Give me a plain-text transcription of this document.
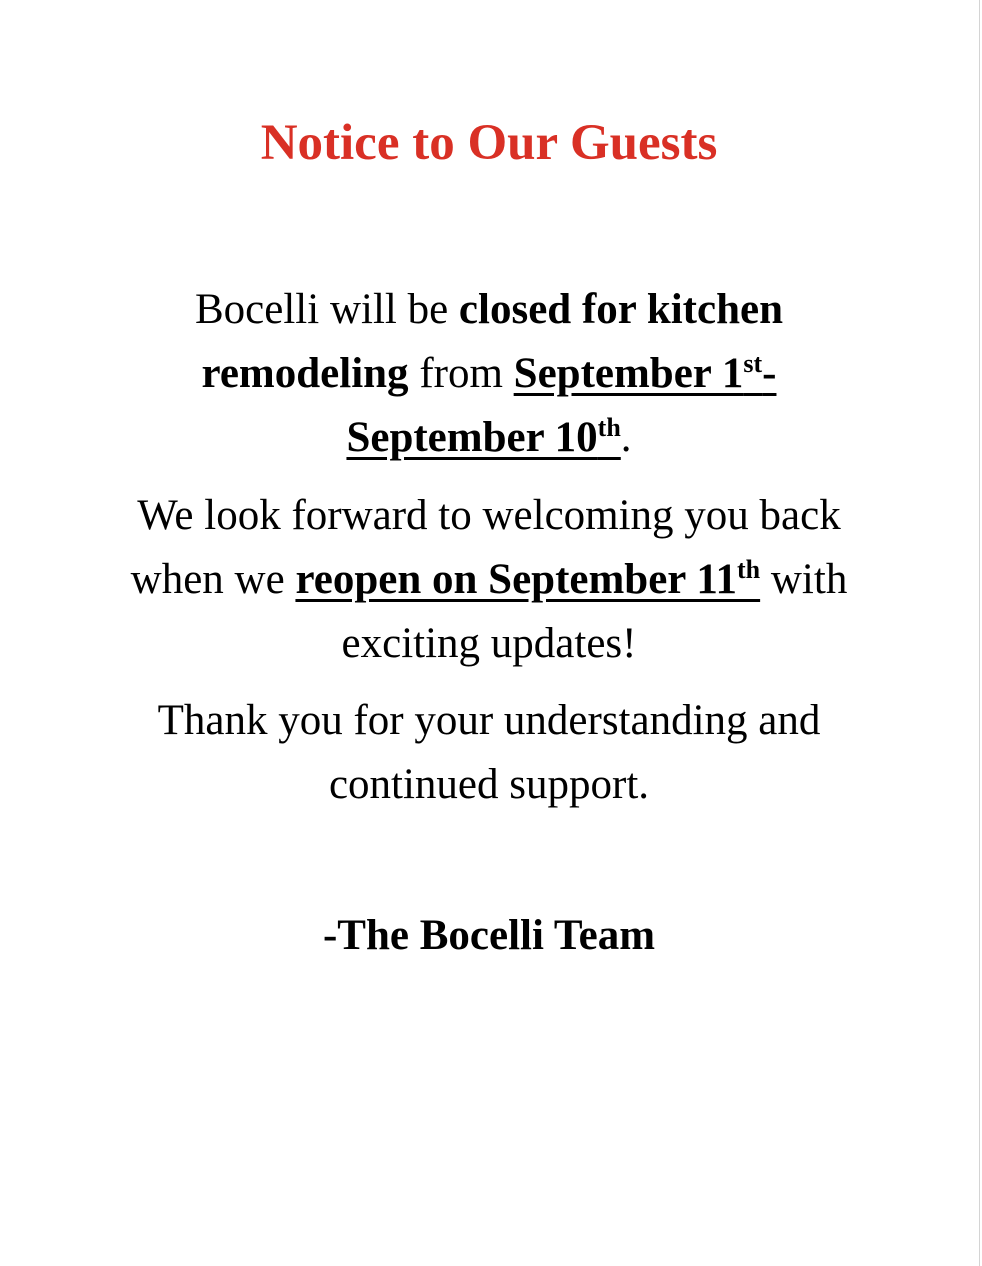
Notice to Our Guests

Bocelli will be closed for kitchen remodeling from September 1st-September 10th.

We look forward to welcoming you back when we reopen on September 11th with exciting updates!

Thank you for your understanding and continued support.

-The Bocelli Team
